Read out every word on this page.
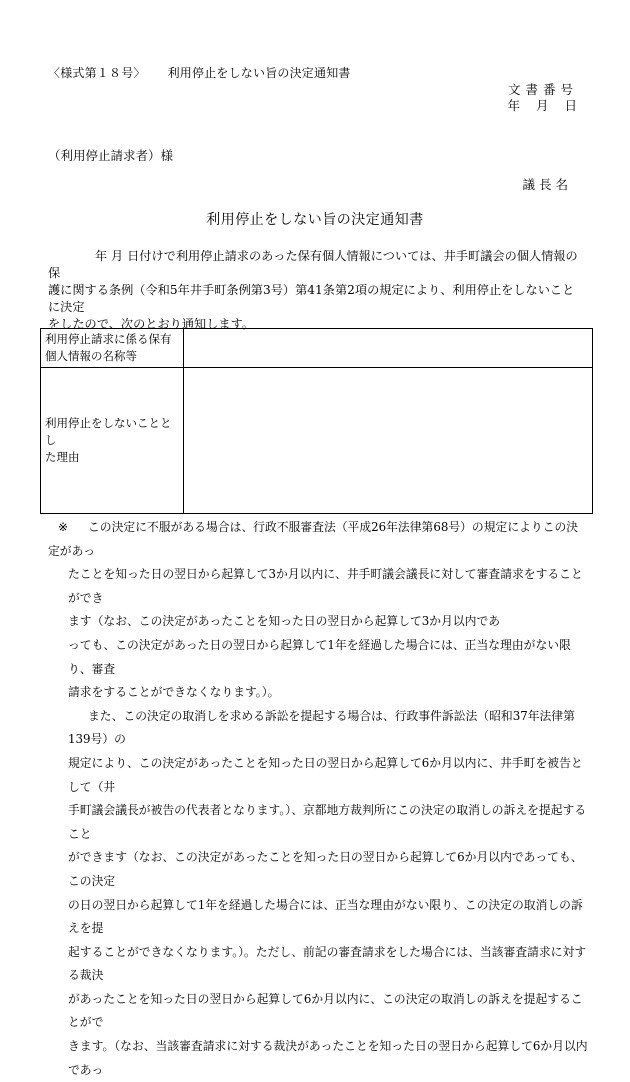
〈様式第１８号〉 利用停止をしない旨の決定通知書
文書番号
年 月 日
（利用停止請求者）様
議長名
利用停止をしない旨の決定通知書

年 月 日付けで利用停止請求のあった保有個人情報については、井手町議会の個人情報の保

護に関する条例（令和5年井手町条例第3号）第41条第2項の規定により、利用停止をしないことに決定

をしたので、次のとおり通知します。

利用停止請求に係る保有
個人情報の名称等	
利用停止をしないこととし
た理由	

※ この決定に不服がある場合は、行政不服審査法（平成26年法律第68号）の規定によりこの決定があっ

たことを知った日の翌日から起算して3か月以内に、井手町議会議長に対して審査請求をすることができ

ます（なお、この決定があったことを知った日の翌日から起算して3か月以内であ

っても、この決定があった日の翌日から起算して1年を経過した場合には、正当な理由がない限り、審査

請求をすることができなくなります。）。

また、この決定の取消しを求める訴訟を提起する場合は、行政事件訴訟法（昭和37年法律第139号）の

規定により、この決定があったことを知った日の翌日から起算して6か月以内に、井手町を被告として（井

手町議会議長が被告の代表者となります。）、京都地方裁判所にこの決定の取消しの訴えを提起すること

ができます（なお、この決定があったことを知った日の翌日から起算して6か月以内であっても、この決定

の日の翌日から起算して1年を経過した場合には、正当な理由がない限り、この決定の取消しの訴えを提

起することができなくなります。）。ただし、前記の審査請求をした場合には、当該審査請求に対する裁決

があったことを知った日の翌日から起算して6か月以内に、この決定の取消しの訴えを提起することがで

きます。（なお、当該審査請求に対する裁決があったことを知った日の翌日から起算して6か月以内であっ
